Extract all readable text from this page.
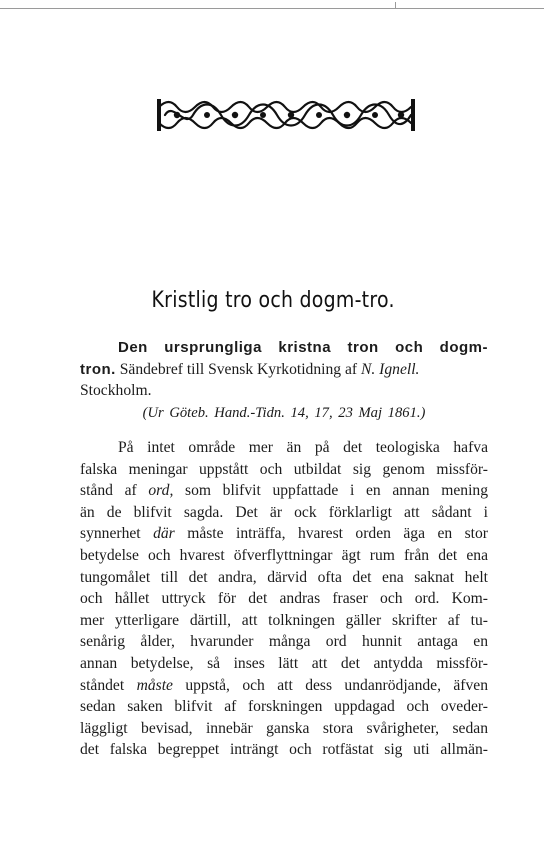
Kristlig tro och dogm-tro.
Den ursprungliga kristna tron och dogm-
tron. Sändebref till Svensk Kyrkotidning af N. Ignell.
Stockholm.
(Ur Göteb. Hand.-Tidn. 14, 17, 23 Maj 1861.)
På intet område mer än på det teologiska hafva
falska meningar uppstått och utbildat sig genom missför-
stånd af ord, som blifvit uppfattade i en annan mening
än de blifvit sagda. Det är ock förklarligt att sådant i
synnerhet där måste inträffa, hvarest orden äga en stor
betydelse och hvarest öfverflyttningar ägt rum från det ena
tungomålet till det andra, därvid ofta det ena saknat helt
och hållet uttryck för det andras fraser och ord. Kom-
mer ytterligare därtill, att tolkningen gäller skrifter af tu-
senårig ålder, hvarunder många ord hunnit antaga en
annan betydelse, så inses lätt att det antydda missför-
ståndet måste uppstå, och att dess undanrödjande, äfven
sedan saken blifvit af forskningen uppdagad och oveder-
läggligt bevisad, innebär ganska stora svårigheter, sedan
det falska begreppet inträngt och rotfästat sig uti allmän-
